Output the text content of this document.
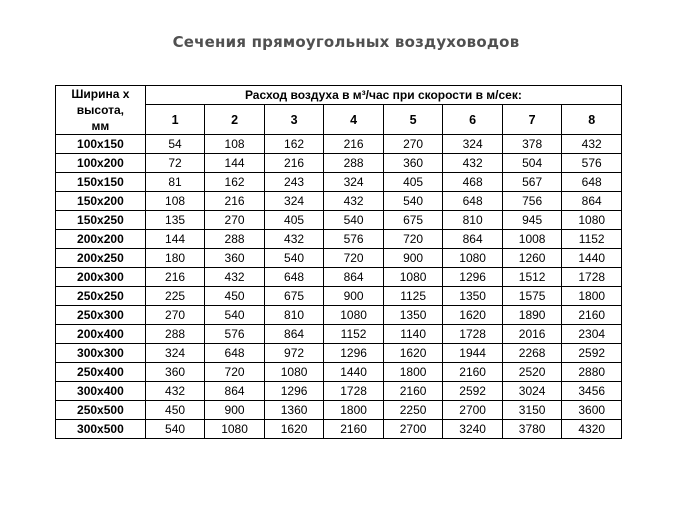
Сечения прямоугольных воздуховодов
Ширина х
высота,
мм	Расход воздуха в м³/час при скорости в м/сек:							
	1	2	3	4	5	6	7	8
100x150	54	108	162	216	270	324	378	432
100x200	72	144	216	288	360	432	504	576
150x150	81	162	243	324	405	468	567	648
150x200	108	216	324	432	540	648	756	864
150x250	135	270	405	540	675	810	945	1080
200x200	144	288	432	576	720	864	1008	1152
200x250	180	360	540	720	900	1080	1260	1440
200x300	216	432	648	864	1080	1296	1512	1728
250x250	225	450	675	900	1125	1350	1575	1800
250x300	270	540	810	1080	1350	1620	1890	2160
200x400	288	576	864	1152	1140	1728	2016	2304
300x300	324	648	972	1296	1620	1944	2268	2592
250x400	360	720	1080	1440	1800	2160	2520	2880
300x400	432	864	1296	1728	2160	2592	3024	3456
250x500	450	900	1360	1800	2250	2700	3150	3600
300x500	540	1080	1620	2160	2700	3240	3780	4320
